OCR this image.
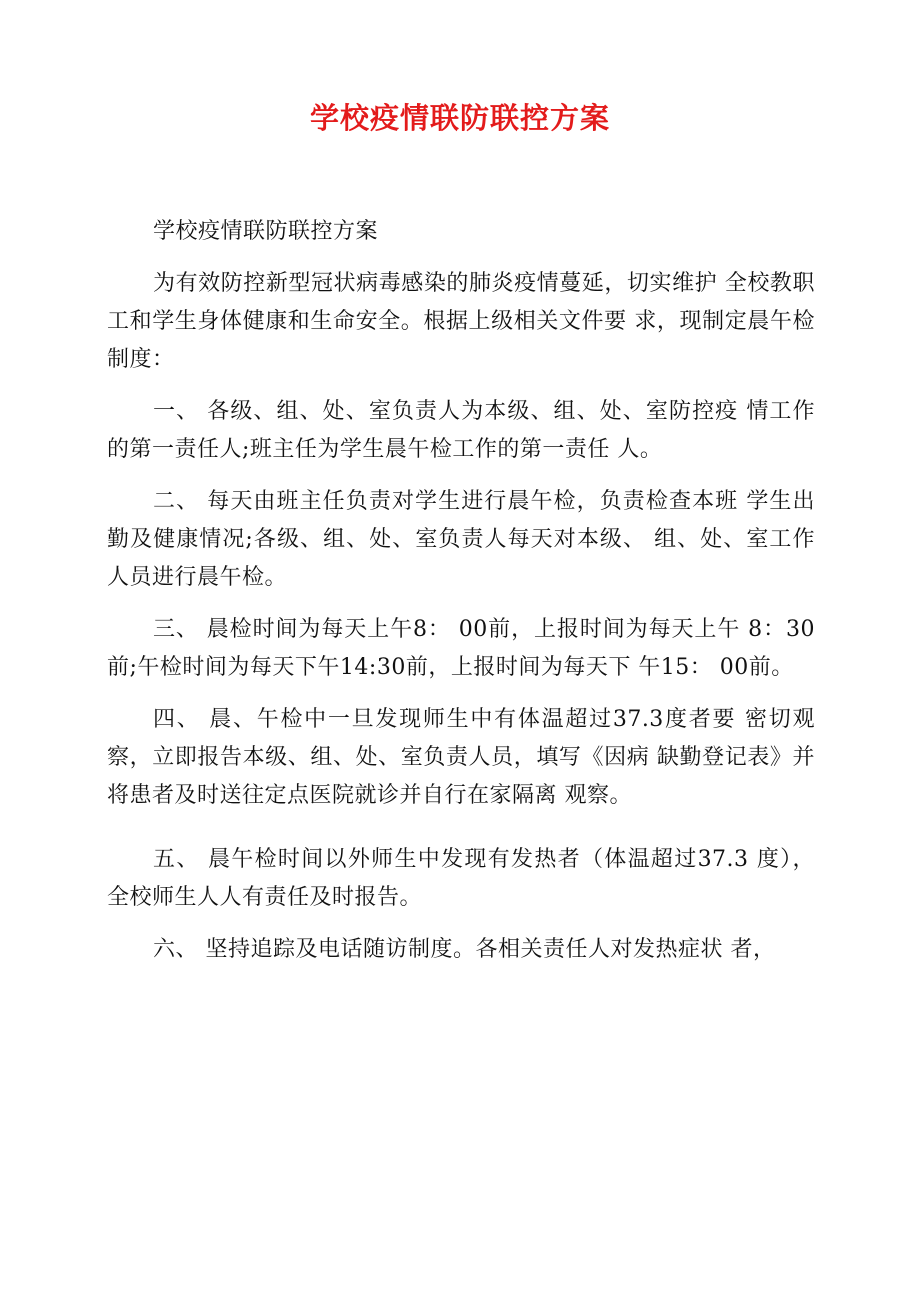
学校疫情联防联控方案

学校疫情联防联控方案

为有效防控新型冠状病毒感染的肺炎疫情蔓延，切实维护 全校教职工和学生身体健康和生命安全。根据上级相关文件要 求，现制定晨午检制度：

一、 各级、组、处、室负责人为本级、组、处、室防控疫 情工作的第一责任人;班主任为学生晨午检工作的第一责任 人。

二、 每天由班主任负责对学生进行晨午检，负责检查本班 学生出勤及健康情况;各级、组、处、室负责人每天对本级、 组、处、室工作人员进行晨午检。

三、 晨检时间为每天上午8： 00前，上报时间为每天上午 8：30前;午检时间为每天下午14:30前，上报时间为每天下 午15： 00前。

四、 晨、午检中一旦发现师生中有体温超过37.3度者要 密切观察，立即报告本级、组、处、室负责人员，填写《因病 缺勤登记表》并将患者及时送往定点医院就诊并自行在家隔离 观察。

五、 晨午检时间以外师生中发现有发热者（体温超过37.3 度），全校师生人人有责任及时报告。

六、 坚持追踪及电话随访制度。各相关责任人对发热症状 者，
